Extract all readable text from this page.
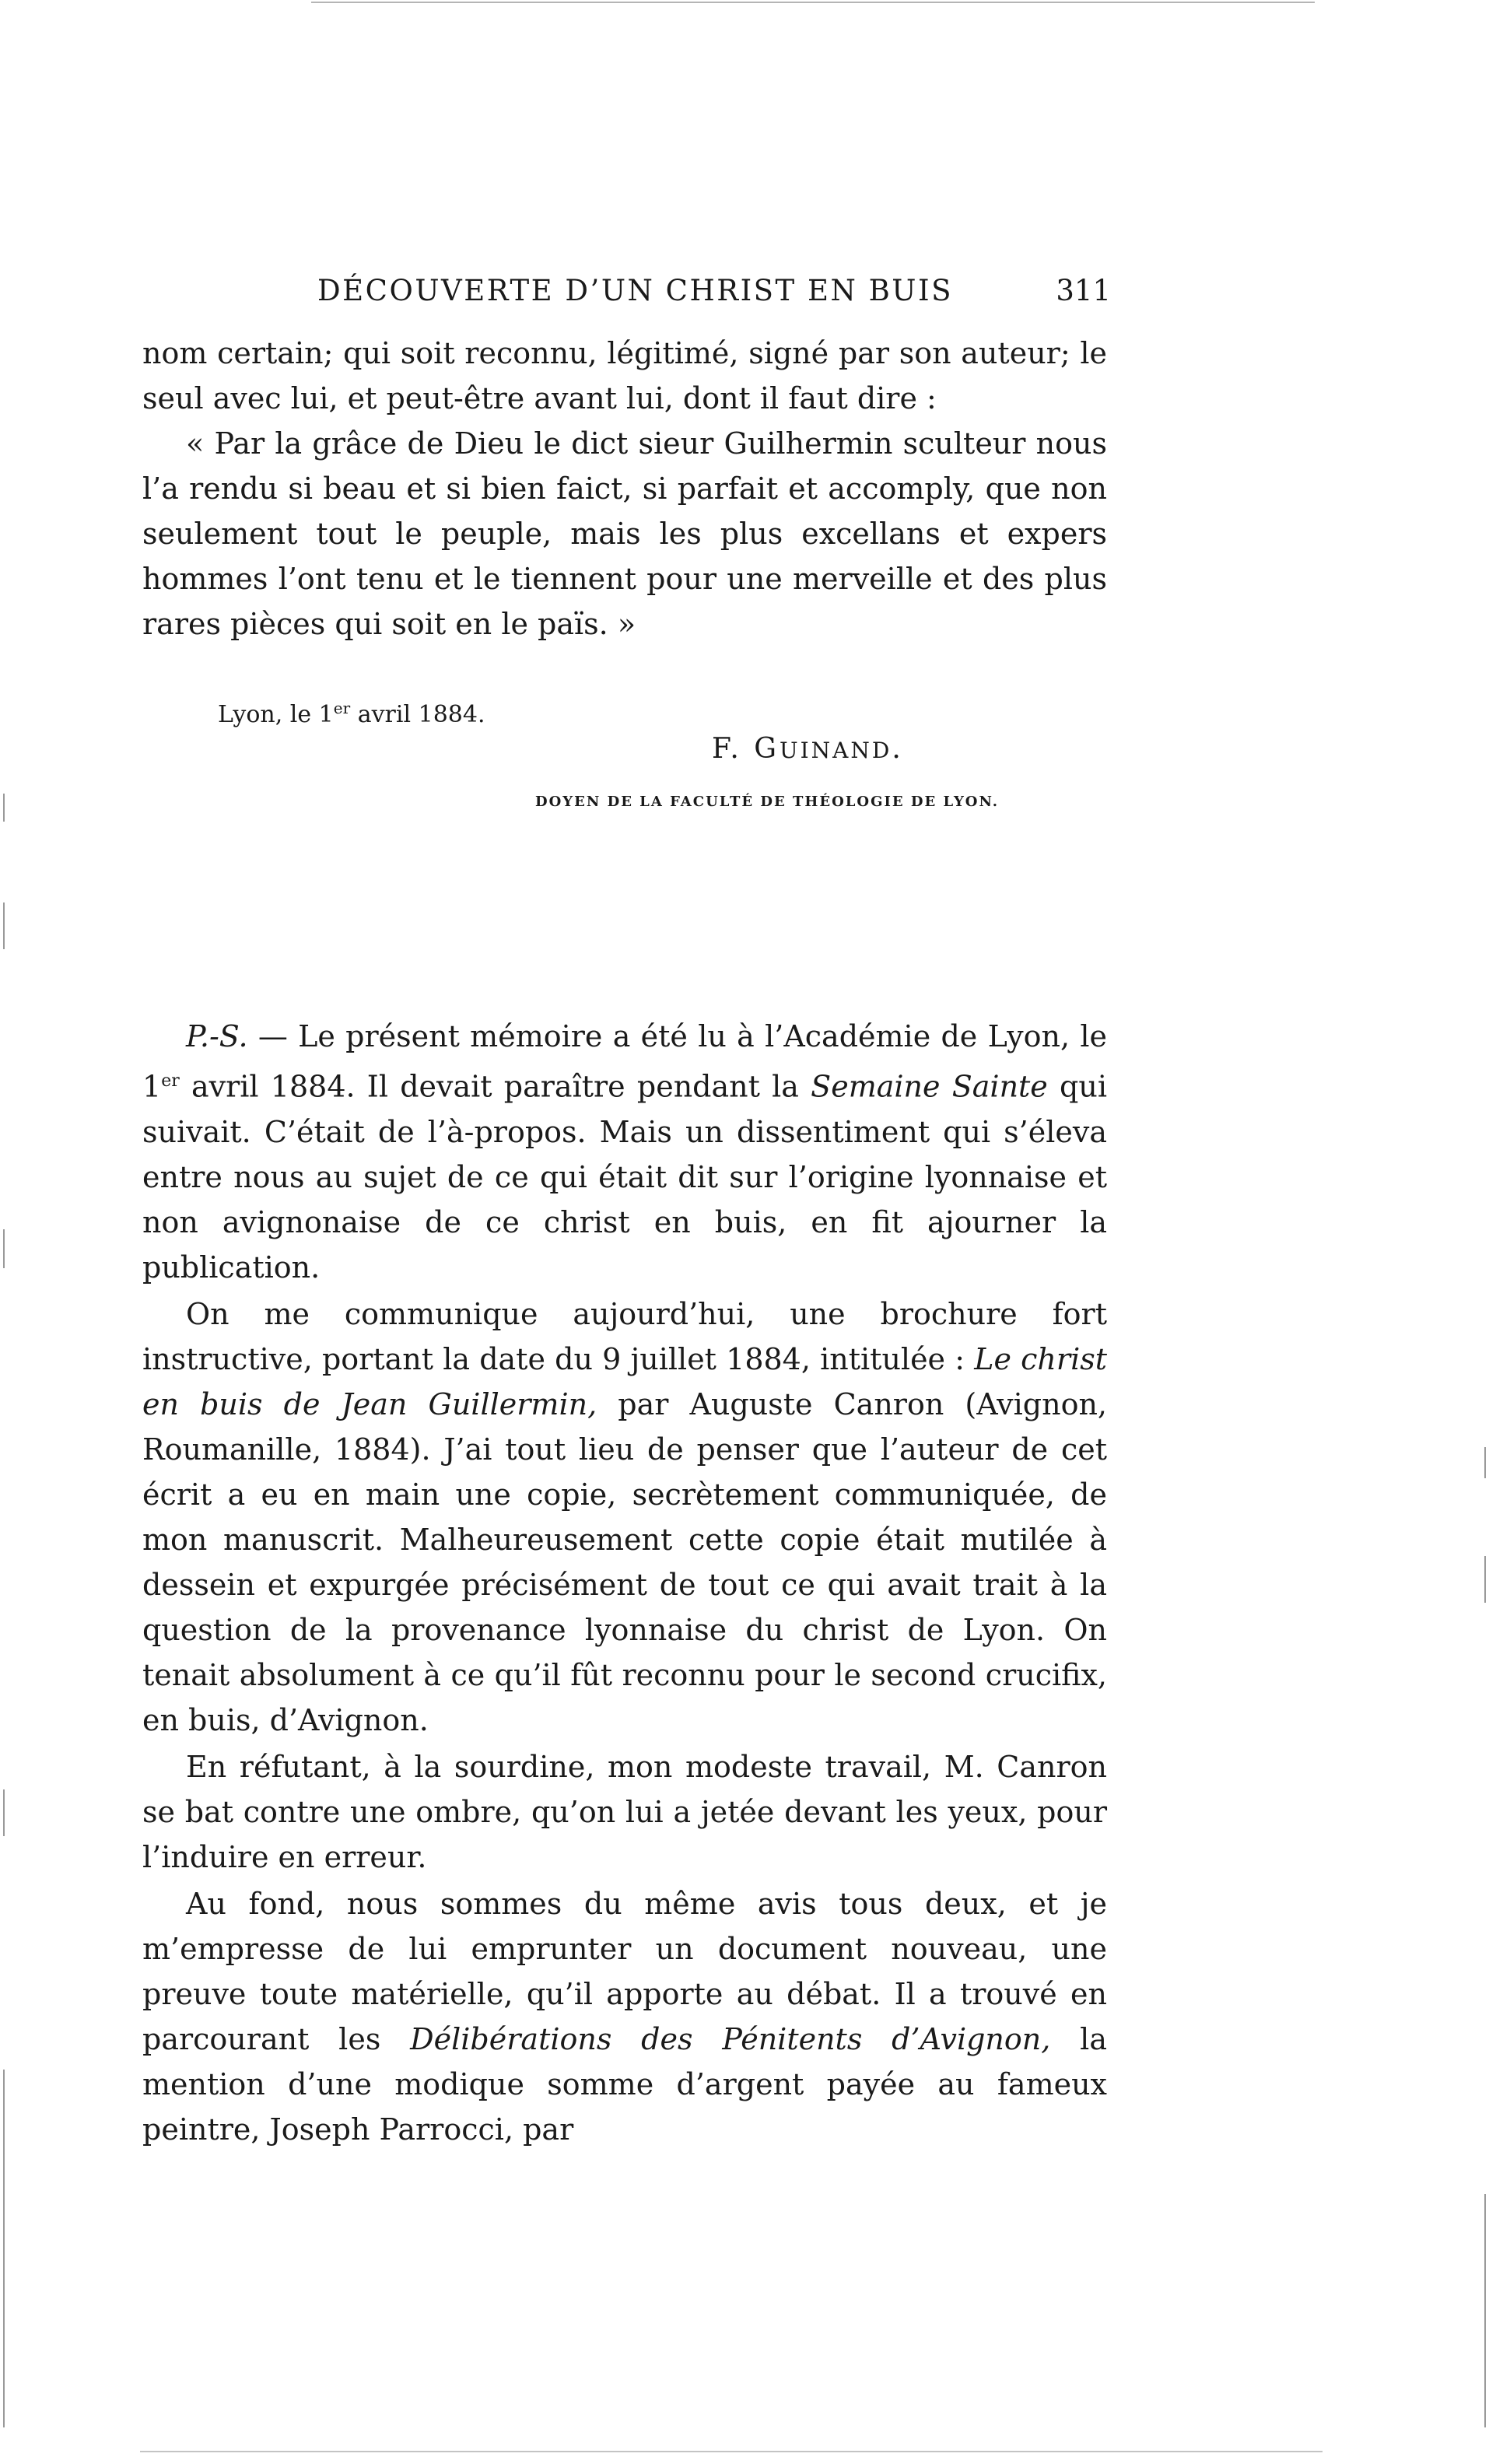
DÉCOUVERTE D’UN CHRIST EN BUIS	311

nom certain; qui soit reconnu, légitimé, signé par son auteur; le seul avec lui, et peut-être avant lui, dont il faut dire :

« Par la grâce de Dieu le dict sieur Guilhermin sculteur nous l’a rendu si beau et si bien faict, si parfait et accomply, que non seulement tout le peuple, mais les plus excellans et expers hommes l’ont tenu et le tiennent pour une merveille et des plus rares pièces qui soit en le païs. »

Lyon, le 1er avril 1884.
F. GUINAND.
DOYEN DE LA FACULTÉ DE THÉOLOGIE DE LYON.

P.-S. — Le présent mémoire a été lu à l’Académie de Lyon, le 1er avril 1884. Il devait paraître pendant la Semaine Sainte qui suivait. C’était de l’à-propos. Mais un dissentiment qui s’éleva entre nous au sujet de ce qui était dit sur l’origine lyonnaise et non avignonaise de ce christ en buis, en fit ajourner la publication.

On me communique aujourd’hui, une brochure fort instructive, portant la date du 9 juillet 1884, intitulée : Le christ en buis de Jean Guillermin, par Auguste Canron (Avignon, Roumanille, 1884). J’ai tout lieu de penser que l’auteur de cet écrit a eu en main une copie, secrètement communiquée, de mon manuscrit. Malheureusement cette copie était mutilée à dessein et expurgée précisément de tout ce qui avait trait à la question de la provenance lyonnaise du christ de Lyon. On tenait absolument à ce qu’il fût reconnu pour le second crucifix, en buis, d’Avignon.

En réfutant, à la sourdine, mon modeste travail, M. Canron se bat contre une ombre, qu’on lui a jetée devant les yeux, pour l’induire en erreur.

Au fond, nous sommes du même avis tous deux, et je m’empresse de lui emprunter un document nouveau, une preuve toute matérielle, qu’il apporte au débat. Il a trouvé en parcourant les Délibérations des Pénitents d’Avignon, la mention d’une modique somme d’argent payée au fameux peintre, Joseph Parrocci, par
